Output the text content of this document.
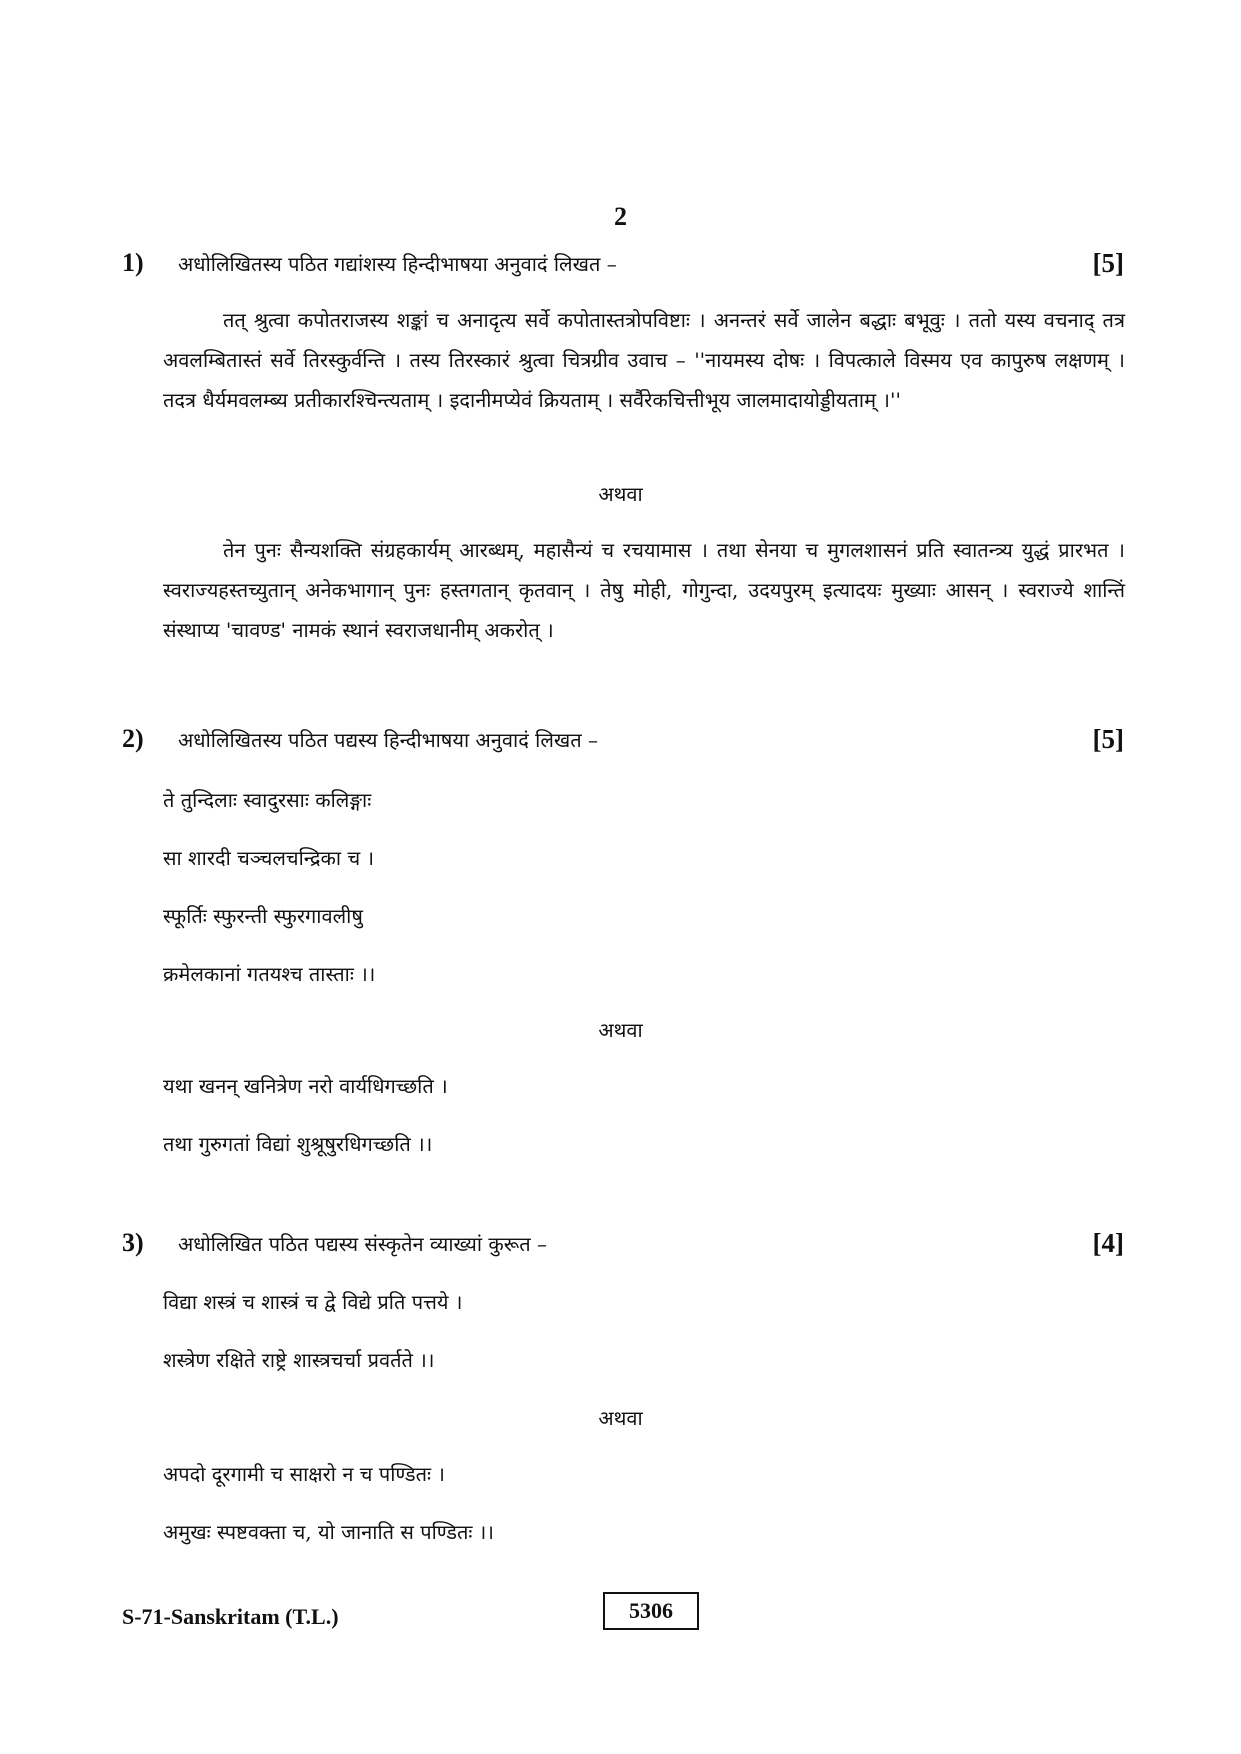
2
1) अधोलिखितस्य पठित गद्यांशस्य हिन्दीभाषया अनुवादं लिखत –	[5]
तत् श्रुत्वा कपोतराजस्य शङ्कां च अनादृत्य सर्वे कपोतास्तत्रोपविष्टाः । अनन्तरं सर्वे जालेन बद्धाः बभूवुः । ततो यस्य वचनाद् तत्र अवलम्बितास्तं सर्वे तिरस्कुर्वन्ति । तस्य तिरस्कारं श्रुत्वा चित्रग्रीव उवाच – ''नायमस्य दोषः । विपत्काले विस्मय एव कापुरुष लक्षणम् । तदत्र धैर्यमवलम्ब्य प्रतीकारश्चिन्त्यताम् । इदानीमप्येवं क्रियताम् । सर्वैरेकचित्तीभूय जालमादायोड्डीयताम् ।''
अथवा
तेन पुनः सैन्यशक्ति संग्रहकार्यम् आरब्धम्, महासैन्यं च रचयामास । तथा सेनया च मुगलशासनं प्रति स्वातन्त्र्य युद्धं प्रारभत । स्वराज्यहस्तच्युतान् अनेकभागान् पुनः हस्तगतान् कृतवान् । तेषु मोही, गोगुन्दा, उदयपुरम् इत्यादयः मुख्याः आसन् । स्वराज्ये शान्तिं संस्थाप्य 'चावण्ड' नामकं स्थानं स्वराजधानीम् अकरोत् ।
2) अधोलिखितस्य पठित पद्यस्य हिन्दीभाषया अनुवादं लिखत –	[5]
ते तुन्दिलाः स्वादुरसाः कलिङ्गाः
सा शारदी चञ्चलचन्द्रिका च ।
स्फूर्तिः स्फुरन्ती स्फुरगावलीषु
क्रमेलकानां गतयश्च तास्ताः ।।
अथवा
यथा खनन् खनित्रेण नरो वार्यधिगच्छति ।
तथा गुरुगतां विद्यां शुश्रूषुरधिगच्छति ।।
3) अधोलिखित पठित पद्यस्य संस्कृतेन व्याख्यां कुरूत –	[4]
विद्या शस्त्रं च शास्त्रं च द्वे विद्ये प्रति पत्तये ।
शस्त्रेण रक्षिते राष्ट्रे शास्त्रचर्चा प्रवर्तते ।।
अथवा
अपदो दूरगामी च साक्षरो न च पण्डितः ।
अमुखः स्पष्टवक्ता च, यो जानाति स पण्डितः ।।
S-71-Sanskritam (T.L.)	5306
